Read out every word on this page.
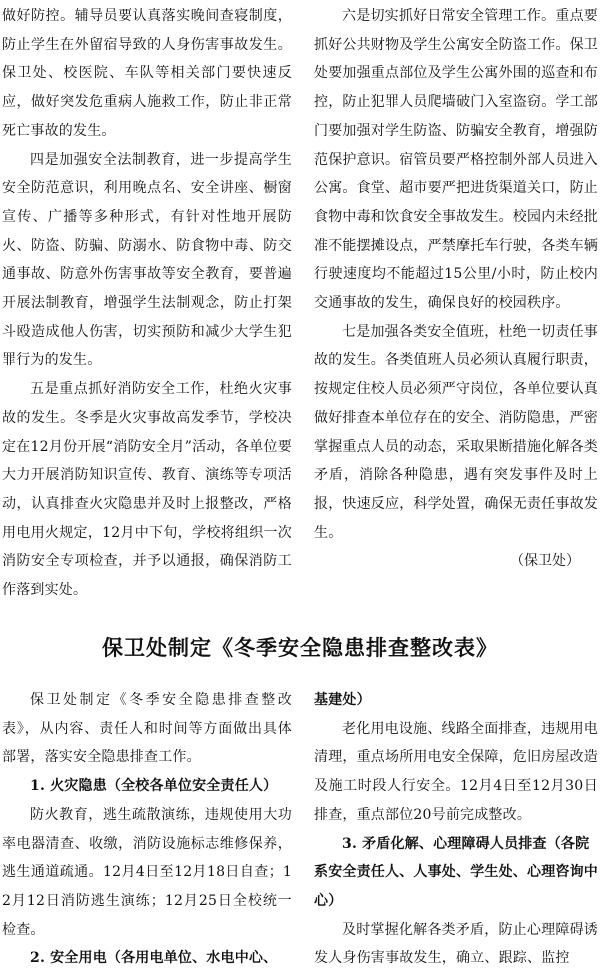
做好防控。辅导员要认真落实晚间查寝制度，防止学生在外留宿导致的人身伤害事故发生。保卫处、校医院、车队等相关部门要快速反应，做好突发危重病人施救工作，防止非正常死亡事故的发生。

四是加强安全法制教育，进一步提高学生安全防范意识，利用晚点名、安全讲座、橱窗宣传、广播等多种形式，有针对性地开展防火、防盗、防骗、防溺水、防食物中毒、防交通事故、防意外伤害事故等安全教育，要普遍开展法制教育，增强学生法制观念，防止打架斗殴造成他人伤害，切实预防和减少大学生犯罪行为的发生。

五是重点抓好消防安全工作，杜绝火灾事故的发生。冬季是火灾事故高发季节，学校决定在12月份开展“消防安全月”活动，各单位要大力开展消防知识宣传、教育、演练等专项活动，认真排查火灾隐患并及时上报整改，严格用电用火规定，12月中下旬，学校将组织一次消防安全专项检查，并予以通报，确保消防工作落到实处。

六是切实抓好日常安全管理工作。重点要抓好公共财物及学生公寓安全防盗工作。保卫处要加强重点部位及学生公寓外围的巡查和布控，防止犯罪人员爬墙破门入室盗窃。学工部门要加强对学生防盗、防骗安全教育，增强防范保护意识。宿管员要严格控制外部人员进入公寓。食堂、超市要严把进货渠道关口，防止食物中毒和饮食安全事故发生。校园内未经批准不能摆摊设点，严禁摩托车行驶，各类车辆行驶速度均不能超过15公里/小时，防止校内交通事故的发生，确保良好的校园秩序。

七是加强各类安全值班，杜绝一切责任事故的发生。各类值班人员必须认真履行职责，按规定住校人员必须严守岗位，各单位要认真做好排查本单位存在的安全、消防隐患，严密掌握重点人员的动态，采取果断措施化解各类矛盾，消除各种隐患，遇有突发事件及时上报，快速反应，科学处置，确保无责任事故发生。

（保卫处）

保卫处制定《冬季安全隐患排查整改表》

保卫处制定《冬季安全隐患排查整改表》，从内容、责任人和时间等方面做出具体部署，落实安全隐患排查工作。

1. 火灾隐患（全校各单位安全责任人）

防火教育，逃生疏散演练，违规使用大功率电器清查、收缴，消防设施标志维修保养，逃生通道疏通。12月4日至12月18日自查；12月12日消防逃生演练；12月25日全校统一检查。

2. 安全用电（各用电单位、水电中心、

基建处）

老化用电设施、线路全面排查，违规用电清理，重点场所用电安全保障，危旧房屋改造及施工时段人行安全。12月4日至12月30日排查，重点部位20号前完成整改。

3. 矛盾化解、心理障碍人员排查（各院系安全责任人、人事处、学生处、心理咨询中心）

及时掌握化解各类矛盾，防止心理障碍诱发人身伤害事故发生，确立、跟踪、监控
